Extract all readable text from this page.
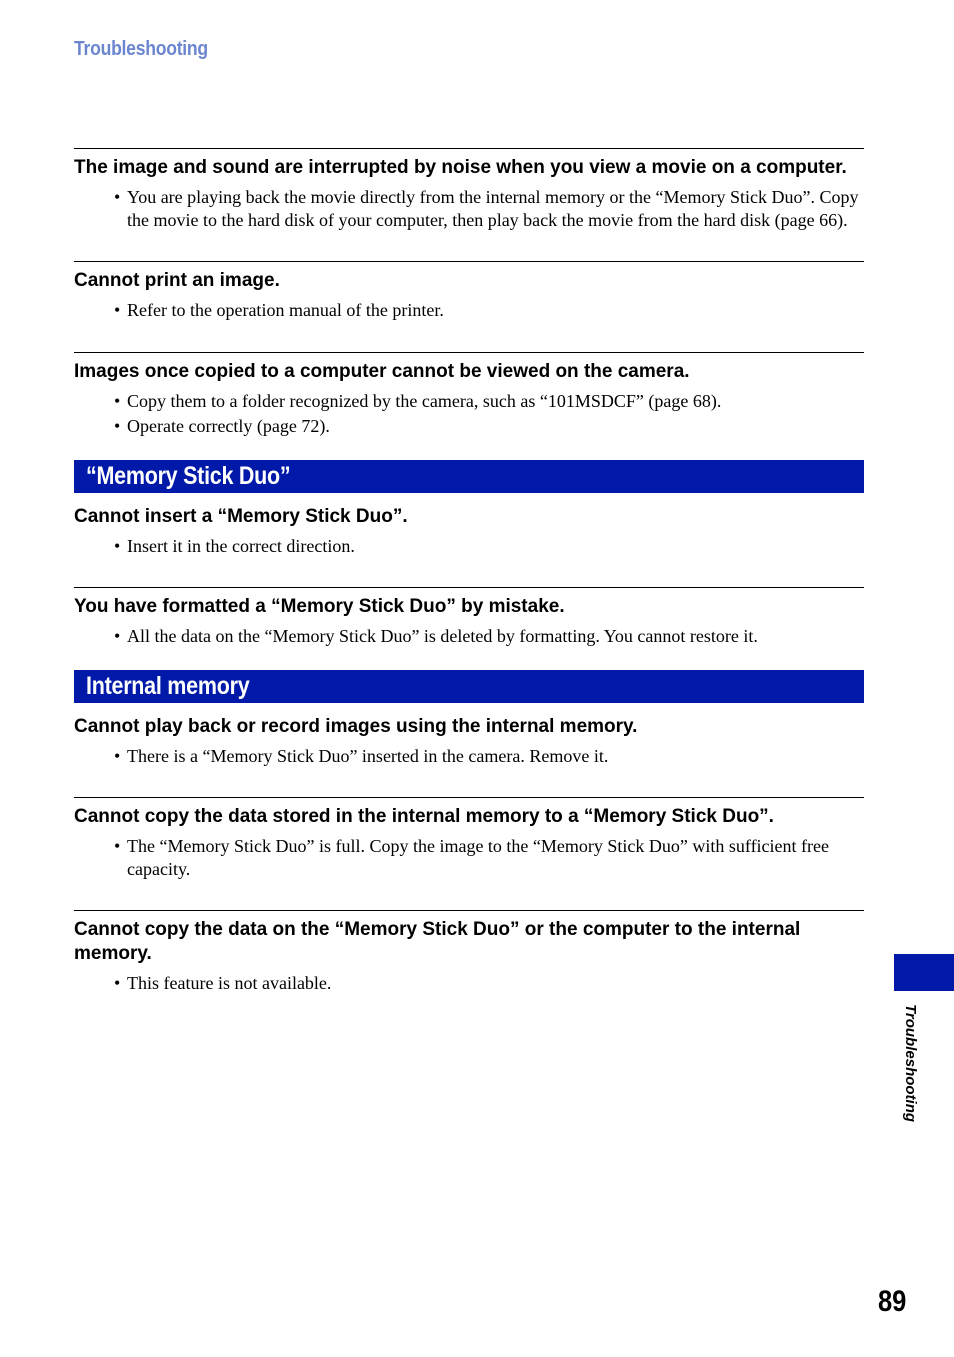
Troubleshooting
The image and sound are interrupted by noise when you view a movie on a computer.
• You are playing back the movie directly from the internal memory or the “Memory Stick Duo”. Copy the movie to the hard disk of your computer, then play back the movie from the hard disk (page 66).
Cannot print an image.
• Refer to the operation manual of the printer.
Images once copied to a computer cannot be viewed on the camera.
• Copy them to a folder recognized by the camera, such as “101MSDCF” (page 68).
• Operate correctly (page 72).
“Memory Stick Duo”
Cannot insert a “Memory Stick Duo”.
• Insert it in the correct direction.
You have formatted a “Memory Stick Duo” by mistake.
• All the data on the “Memory Stick Duo” is deleted by formatting. You cannot restore it.
Internal memory
Cannot play back or record images using the internal memory.
• There is a “Memory Stick Duo” inserted in the camera. Remove it.
Cannot copy the data stored in the internal memory to a “Memory Stick Duo”.
• The “Memory Stick Duo” is full. Copy the image to the “Memory Stick Duo” with sufficient free capacity.
Cannot copy the data on the “Memory Stick Duo” or the computer to the internal memory.
• This feature is not available.
Troubleshooting
89
